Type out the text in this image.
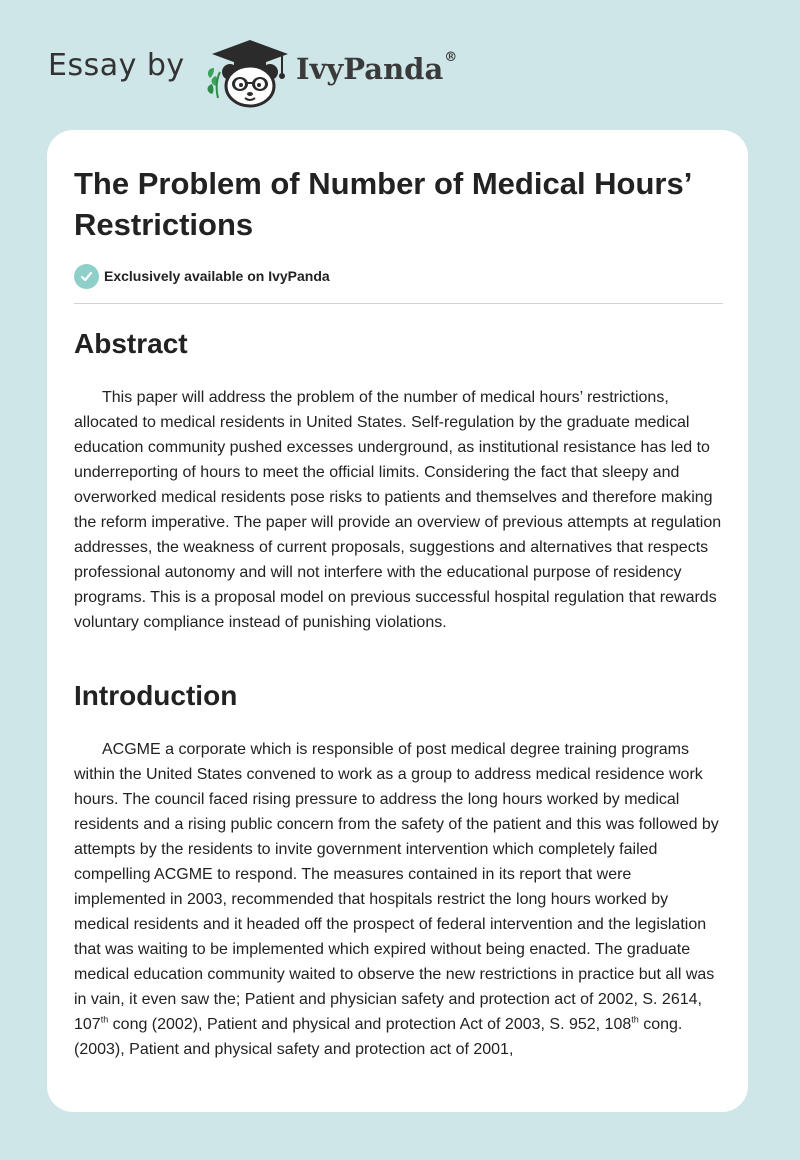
Essay by	IvyPanda®
The Problem of Number of Medical Hours’ Restrictions
Exclusively available on IvyPanda
Abstract

This paper will address the problem of the number of medical hours’ restrictions, allocated to medical residents in United States. Self-regulation by the graduate medical education community pushed excesses underground, as institutional resistance has led to underreporting of hours to meet the official limits. Considering the fact that sleepy and overworked medical residents pose risks to patients and themselves and therefore making the reform imperative. The paper will provide an overview of previous attempts at regulation addresses, the weakness of current proposals, suggestions and alternatives that respects professional autonomy and will not interfere with the educational purpose of residency programs. This is a proposal model on previous successful hospital regulation that rewards voluntary compliance instead of punishing violations.

Introduction

ACGME a corporate which is responsible of post medical degree training programs within the United States convened to work as a group to address medical residence work hours. The council faced rising pressure to address the long hours worked by medical residents and a rising public concern from the safety of the patient and this was followed by attempts by the residents to invite government intervention which completely failed compelling ACGME to respond. The measures contained in its report that were implemented in 2003, recommended that hospitals restrict the long hours worked by medical residents and it headed off the prospect of federal intervention and the legislation that was waiting to be implemented which expired without being enacted. The graduate medical education community waited to observe the new restrictions in practice but all was in vain, it even saw the; Patient and physician safety and protection act of 2002, S. 2614, 107th cong (2002), Patient and physical and protection Act of 2003, S. 952, 108th cong. (2003), Patient and physical safety and protection act of 2001,
